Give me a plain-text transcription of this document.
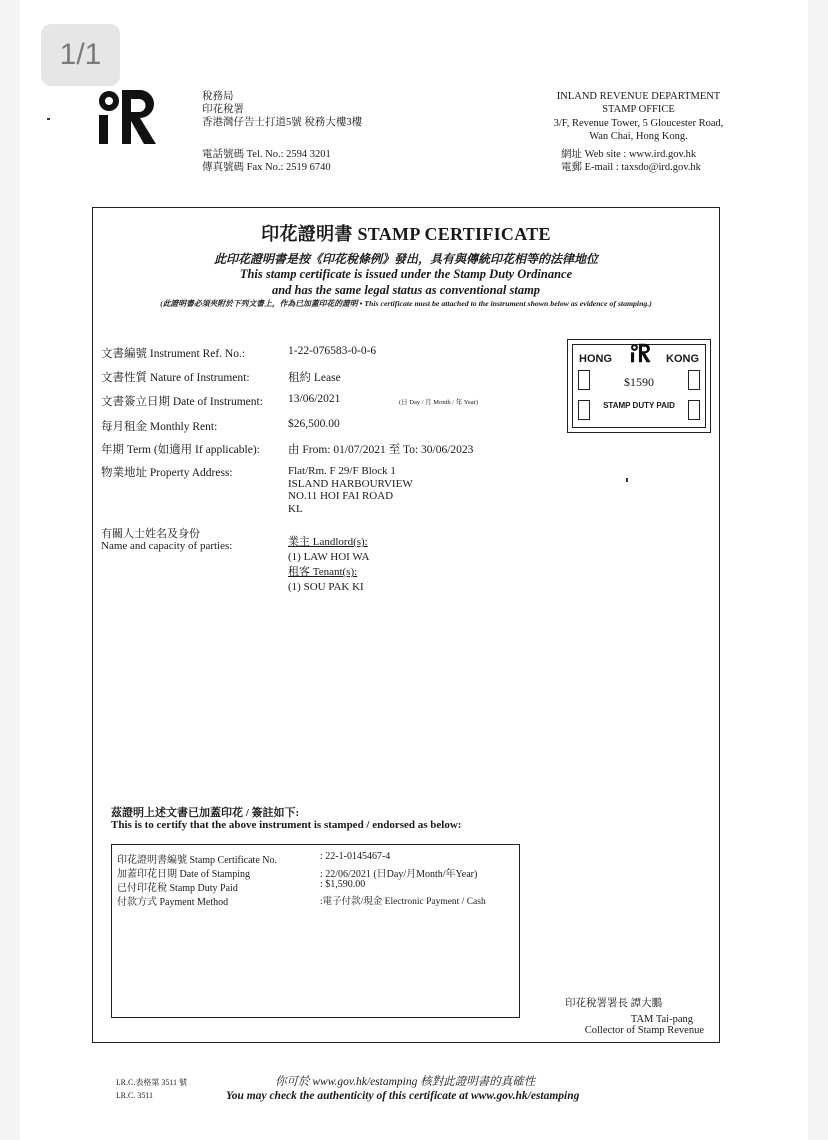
1/1
稅務局
印花稅署
香港灣仔告士打道5號 稅務大樓3樓
電話號碼 Tel. No.: 2594 3201
傳真號碼 Fax No.: 2519 6740
INLAND REVENUE DEPARTMENT
STAMP OFFICE
3/F, Revenue Tower, 5 Gloucester Road,
Wan Chai, Hong Kong.
網址 Web site : www.ird.gov.hk
電郵 E-mail : taxsdo@ird.gov.hk
印花證明書 STAMP CERTIFICATE
此印花證明書是按《印花稅條例》發出，具有與傳統印花相等的法律地位
This stamp certificate is issued under the Stamp Duty Ordinance
and has the same legal status as conventional stamp
(此證明書必須夾附於下列文書上，作為已加蓋印花的證明 • This certificate must be attached to the instrument shown below as evidence of stamping.)
文書編號 Instrument Ref. No.:	1-22-076583-0-0-6
文書性質 Nature of Instrument:	租約 Lease
文書簽立日期 Date of Instrument: 13/06/2021	(日 Day / 月 Month / 年 Year)
每月租金 Monthly Rent:	$26,500.00
年期 Term (如適用 If applicable): 由 From: 01/07/2021 至 To: 30/06/2023
物業地址 Property Address:	Flat/Rm. F 29/F Block 1
ISLAND HARBOURVIEW
NO.11 HOI FAI ROAD
KL
有關人士姓名及身份
Name and capacity of parties:	業主 Landlord(s):
(1) LAW HOI WA
租客 Tenant(s):
(1) SOU PAK KI
HONG	KONG
$1590
STAMP DUTY PAID
茲證明上述文書已加蓋印花 / 簽註如下:
This is to certify that the above instrument is stamped / endorsed as below:
印花證明書編號 Stamp Certificate No.	: 22-1-0145467-4
加蓋印花日期 Date of Stamping	: 22/06/2021 (日Day/月Month/年Year)
已付印花稅 Stamp Duty Paid	: $1,590.00
付款方式 Payment Method	:電子付款/現金 Electronic Payment / Cash
印花稅署署長 譚大鵬
TAM Tai-pang
Collector of Stamp Revenue
I.R.C.表格第 3511 號
I.R.C. 3511
你可於 www.gov.hk/estamping 核對此證明書的真確性
You may check the authenticity of this certificate at www.gov.hk/estamping
